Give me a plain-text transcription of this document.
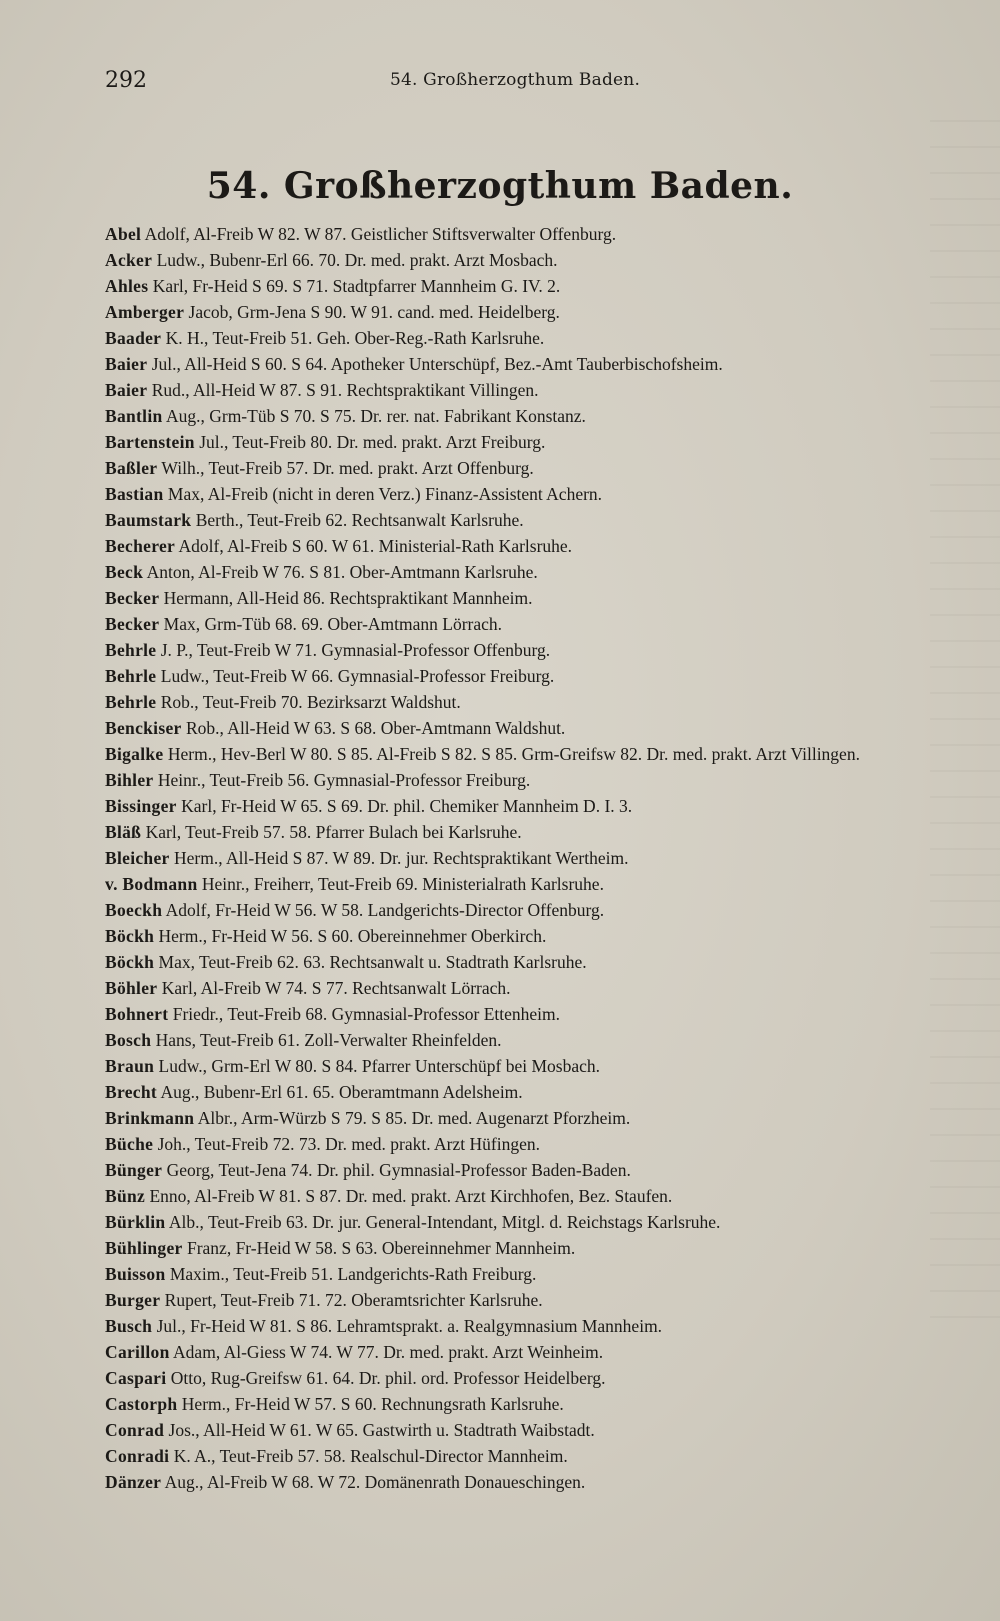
292	54. Großherzogthum Baden.
54. Großherzogthum Baden.
Abel Adolf, Al-Freib W 82. W 87. Geistlicher Stiftsverwalter Offenburg.
Acker Ludw., Bubenr-Erl 66. 70. Dr. med. prakt. Arzt Mosbach.
Ahles Karl, Fr-Heid S 69. S 71. Stadtpfarrer Mannheim G. IV. 2.
Amberger Jacob, Grm-Jena S 90. W 91. cand. med. Heidelberg.
Baader K. H., Teut-Freib 51. Geh. Ober-Reg.-Rath Karlsruhe.
Baier Jul., All-Heid S 60. S 64. Apotheker Unterschüpf, Bez.-Amt Tauberbischofsheim.
Baier Rud., All-Heid W 87. S 91. Rechtspraktikant Villingen.
Bantlin Aug., Grm-Tüb S 70. S 75. Dr. rer. nat. Fabrikant Konstanz.
Bartenstein Jul., Teut-Freib 80. Dr. med. prakt. Arzt Freiburg.
Baßler Wilh., Teut-Freib 57. Dr. med. prakt. Arzt Offenburg.
Bastian Max, Al-Freib (nicht in deren Verz.) Finanz-Assistent Achern.
Baumstark Berth., Teut-Freib 62. Rechtsanwalt Karlsruhe.
Becherer Adolf, Al-Freib S 60. W 61. Ministerial-Rath Karlsruhe.
Beck Anton, Al-Freib W 76. S 81. Ober-Amtmann Karlsruhe.
Becker Hermann, All-Heid 86. Rechtspraktikant Mannheim.
Becker Max, Grm-Tüb 68. 69. Ober-Amtmann Lörrach.
Behrle J. P., Teut-Freib W 71. Gymnasial-Professor Offenburg.
Behrle Ludw., Teut-Freib W 66. Gymnasial-Professor Freiburg.
Behrle Rob., Teut-Freib 70. Bezirksarzt Waldshut.
Benckiser Rob., All-Heid W 63. S 68. Ober-Amtmann Waldshut.
Bigalke Herm., Hev-Berl W 80. S 85. Al-Freib S 82. S 85. Grm-Greifsw 82. Dr. med. prakt. Arzt Villingen.
Bihler Heinr., Teut-Freib 56. Gymnasial-Professor Freiburg.
Bissinger Karl, Fr-Heid W 65. S 69. Dr. phil. Chemiker Mannheim D. I. 3.
Bläß Karl, Teut-Freib 57. 58. Pfarrer Bulach bei Karlsruhe.
Bleicher Herm., All-Heid S 87. W 89. Dr. jur. Rechtspraktikant Wertheim.
v. Bodmann Heinr., Freiherr, Teut-Freib 69. Ministerialrath Karlsruhe.
Boeckh Adolf, Fr-Heid W 56. W 58. Landgerichts-Director Offenburg.
Böckh Herm., Fr-Heid W 56. S 60. Obereinnehmer Oberkirch.
Böckh Max, Teut-Freib 62. 63. Rechtsanwalt u. Stadtrath Karlsruhe.
Böhler Karl, Al-Freib W 74. S 77. Rechtsanwalt Lörrach.
Bohnert Friedr., Teut-Freib 68. Gymnasial-Professor Ettenheim.
Bosch Hans, Teut-Freib 61. Zoll-Verwalter Rheinfelden.
Braun Ludw., Grm-Erl W 80. S 84. Pfarrer Unterschüpf bei Mosbach.
Brecht Aug., Bubenr-Erl 61. 65. Oberamtmann Adelsheim.
Brinkmann Albr., Arm-Würzb S 79. S 85. Dr. med. Augenarzt Pforzheim.
Büche Joh., Teut-Freib 72. 73. Dr. med. prakt. Arzt Hüfingen.
Bünger Georg, Teut-Jena 74. Dr. phil. Gymnasial-Professor Baden-Baden.
Bünz Enno, Al-Freib W 81. S 87. Dr. med. prakt. Arzt Kirchhofen, Bez. Staufen.
Bürklin Alb., Teut-Freib 63. Dr. jur. General-Intendant, Mitgl. d. Reichstags Karlsruhe.
Bühlinger Franz, Fr-Heid W 58. S 63. Obereinnehmer Mannheim.
Buisson Maxim., Teut-Freib 51. Landgerichts-Rath Freiburg.
Burger Rupert, Teut-Freib 71. 72. Oberamtsrichter Karlsruhe.
Busch Jul., Fr-Heid W 81. S 86. Lehramtsprakt. a. Realgymnasium Mannheim.
Carillon Adam, Al-Giess W 74. W 77. Dr. med. prakt. Arzt Weinheim.
Caspari Otto, Rug-Greifsw 61. 64. Dr. phil. ord. Professor Heidelberg.
Castorph Herm., Fr-Heid W 57. S 60. Rechnungsrath Karlsruhe.
Conrad Jos., All-Heid W 61. W 65. Gastwirth u. Stadtrath Waibstadt.
Conradi K. A., Teut-Freib 57. 58. Realschul-Director Mannheim.
Dänzer Aug., Al-Freib W 68. W 72. Domänenrath Donaueschingen.
